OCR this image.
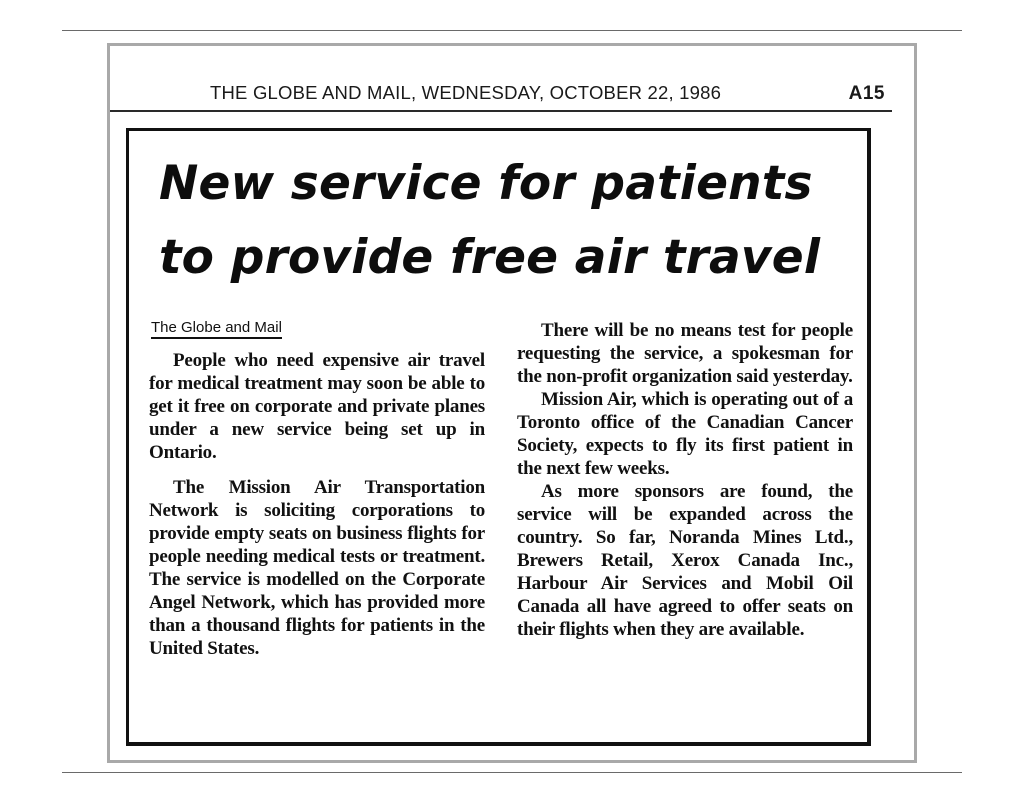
THE GLOBE AND MAIL, WEDNESDAY, OCTOBER 22, 1986	A15
New service for patients
to provide free air travel
The Globe and Mail

People who need expensive air travel for medical treatment may soon be able to get it free on corporate and private planes under a new service being set up in Ontario.

The Mission Air Transportation Network is soliciting corporations to provide empty seats on business flights for people needing medical tests or treatment. The service is modelled on the Corporate Angel Network, which has provided more than a thousand flights for patients in the United States.

There will be no means test for people requesting the service, a spokesman for the non-profit organization said yesterday.

Mission Air, which is operating out of a Toronto office of the Canadian Cancer Society, expects to fly its first patient in the next few weeks.

As more sponsors are found, the service will be expanded across the country. So far, Noranda Mines Ltd., Brewers Retail, Xerox Canada Inc., Harbour Air Services and Mobil Oil Canada all have agreed to offer seats on their flights when they are available.
